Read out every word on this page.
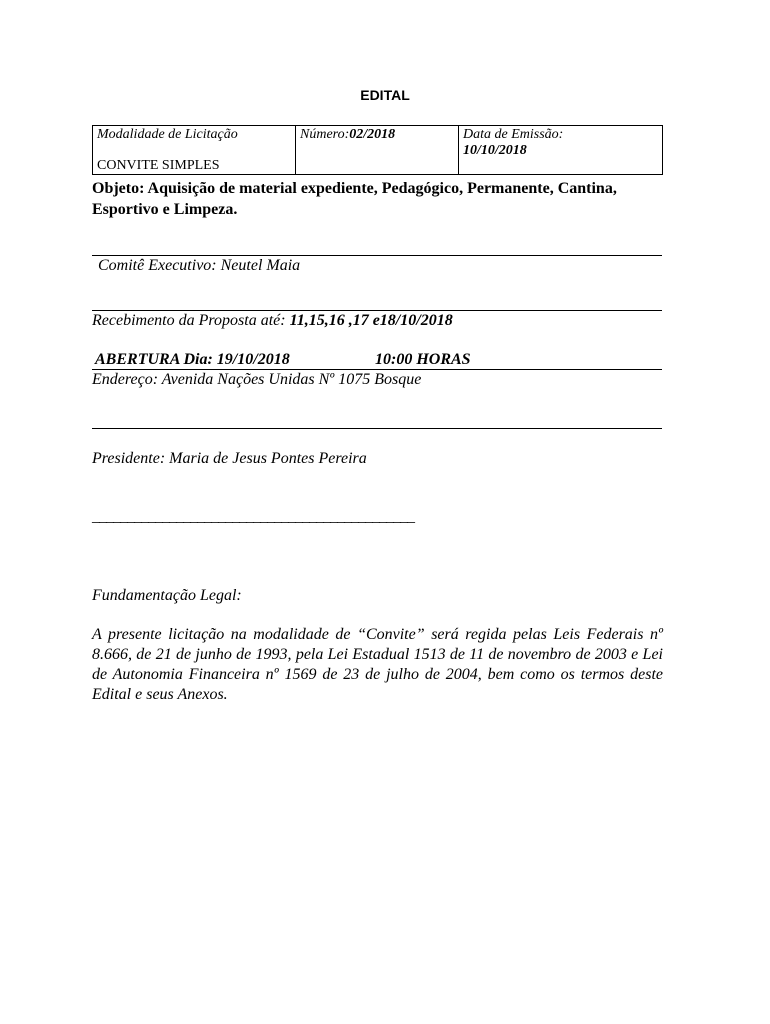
EDITAL
Modalidade de Licitação
CONVITE SIMPLES
Número:02/2018	Data de Emissão:
10/10/2018
Objeto: Aquisição de material expediente, Pedagógico, Permanente, Cantina, Esportivo e Limpeza.
Comitê Executivo: Neutel Maia
Recebimento da Proposta até: 11,15,16 ,17 e18/10/2018
ABERTURA Dia: 19/10/2018	10:00 HORAS
Endereço: Avenida Nações Unidas Nº 1075 Bosque
Presidente: Maria de Jesus Pontes Pereira
______________________________________________
Fundamentação Legal:
A presente licitação na modalidade de “Convite” será regida pelas Leis Federais nº 8.666, de 21 de junho de 1993, pela Lei Estadual 1513 de 11 de novembro de 2003 e Lei de Autonomia Financeira nº 1569 de 23 de julho de 2004, bem como os termos deste Edital e seus Anexos.
